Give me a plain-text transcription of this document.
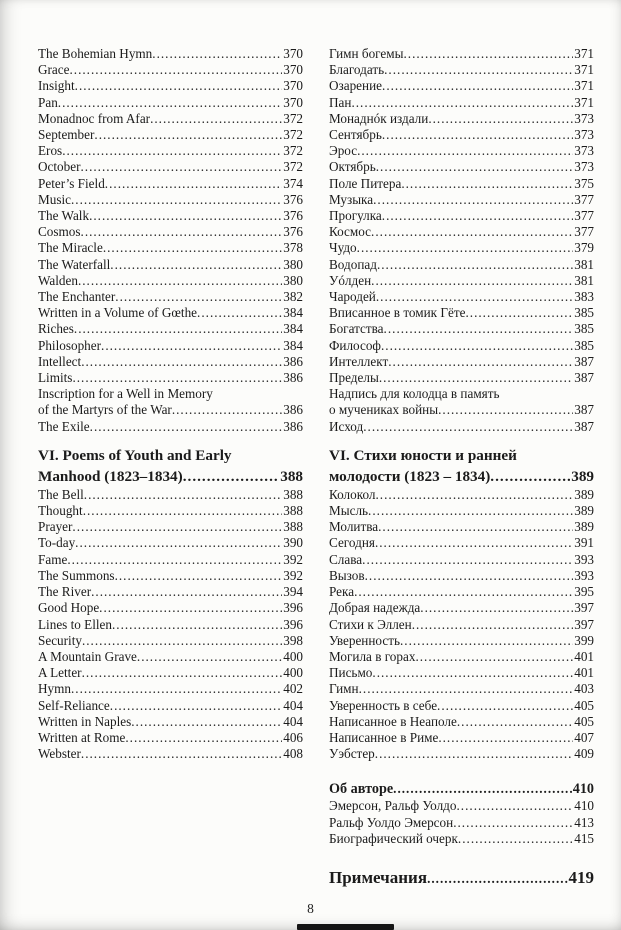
The Bohemian Hymn .....	370
Grace .....	370
Insight .....	370
Pan .....	370
Monadnoc from Afar .....	372
September .....	372
Eros .....	372
October .....	372
Peter’s Field .....	374
Music .....	376
The Walk .....	376
Cosmos .....	376
The Miracle .....	378
The Waterfall .....	380
Walden .....	380
The Enchanter .....	382
Written in a Volume of Gœthe .....	384
Riches .....	384
Philosopher .....	384
Intellect .....	386
Limits .....	386
Inscription for a Well in Memory
of the Martyrs of the War .....	386
The Exile .....	386
VI. Poems of Youth and Early
Manhood (1823–1834) .....	388
The Bell .....	388
Thought .....	388
Prayer .....	388
To-day .....	390
Fame .....	392
The Summons .....	392
The River .....	394
Good Hope .....	396
Lines to Ellen .....	396
Security .....	398
A Mountain Grave .....	400
A Letter .....	400
Hymn .....	402
Self-Reliance .....	404
Written in Naples .....	404
Written at Rome .....	406
Webster .....	408
Гимн богемы .....	371
Благодать .....	371
Озарение .....	371
Пан .....	371
Монаднóк издали .....	373
Сентябрь .....	373
Эрос .....	373
Октябрь .....	373
Поле Питера .....	375
Музыка .....	377
Прогулка .....	377
Космос .....	377
Чудо .....	379
Водопад .....	381
Уóлден .....	381
Чародей .....	383
Вписанное в томик Гёте .....	385
Богатства .....	385
Философ .....	385
Интеллект .....	387
Пределы .....	387
Надпись для колодца в память
о мучениках войны .....	387
Исход .....	387
VI. Стихи юности и ранней
молодости (1823 – 1834) .....	389
Колокол .....	389
Мысль .....	389
Молитва .....	389
Сегодня .....	391
Слава .....	393
Вызов .....	393
Река .....	395
Добрая надежда .....	397
Стихи к Эллен .....	397
Уверенность .....	399
Могила в горах .....	401
Письмо .....	401
Гимн .....	403
Уверенность в себе .....	405
Написанное в Неаполе .....	405
Написанное в Риме .....	407
Уэбстер .....	409
Об авторе .....	410
Эмерсон, Ральф Уолдо .....	410
Ральф Уолдо Эмерсон .....	413
Биографический очерк .....	415
Примечания .....	419
8
